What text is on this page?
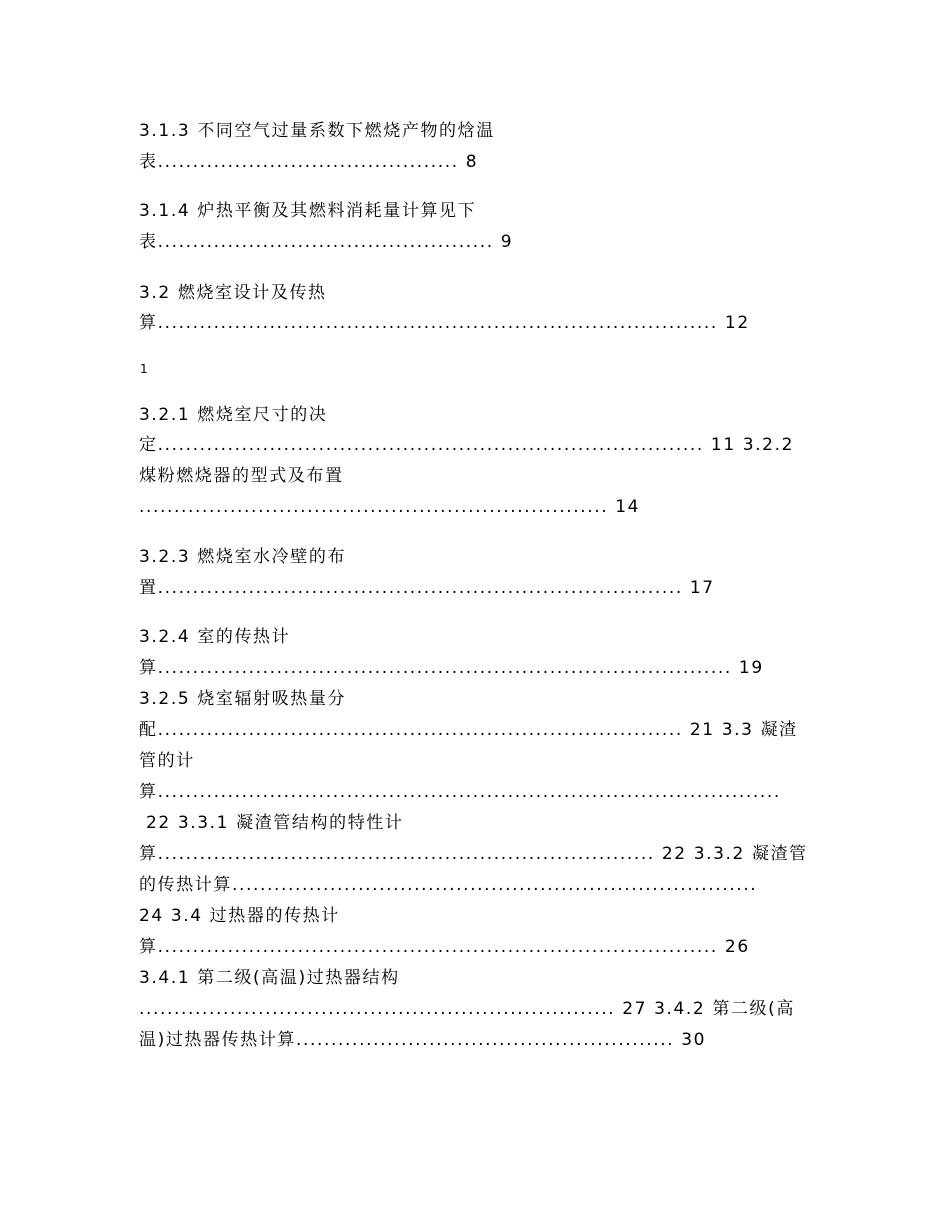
3.1.3 不同空气过量系数下燃烧产物的焓温
表........................................... 8
3.1.4 炉热平衡及其燃料消耗量计算见下
表................................................ 9
3.2 燃烧室设计及传热
算................................................................................ 12
1
3.2.1 燃烧室尺寸的决
定.............................................................................. 11 3.2.2
煤粉燃烧器的型式及布置
................................................................... 14
3.2.3 燃烧室水冷壁的布
置........................................................................... 17
3.2.4 室的传热计
算.................................................................................. 19
3.2.5 烧室辐射吸热量分
配........................................................................... 21 3.3 凝渣
管的计
算.........................................................................................
22 3.3.1 凝渣管结构的特性计
算....................................................................... 22 3.3.2 凝渣管
的传热计算...........................................................................
24 3.4 过热器的传热计
算................................................................................ 26
3.4.1 第二级(高温)过热器结构
.................................................................... 27 3.4.2 第二级(高
温)过热器传热计算...................................................... 30
